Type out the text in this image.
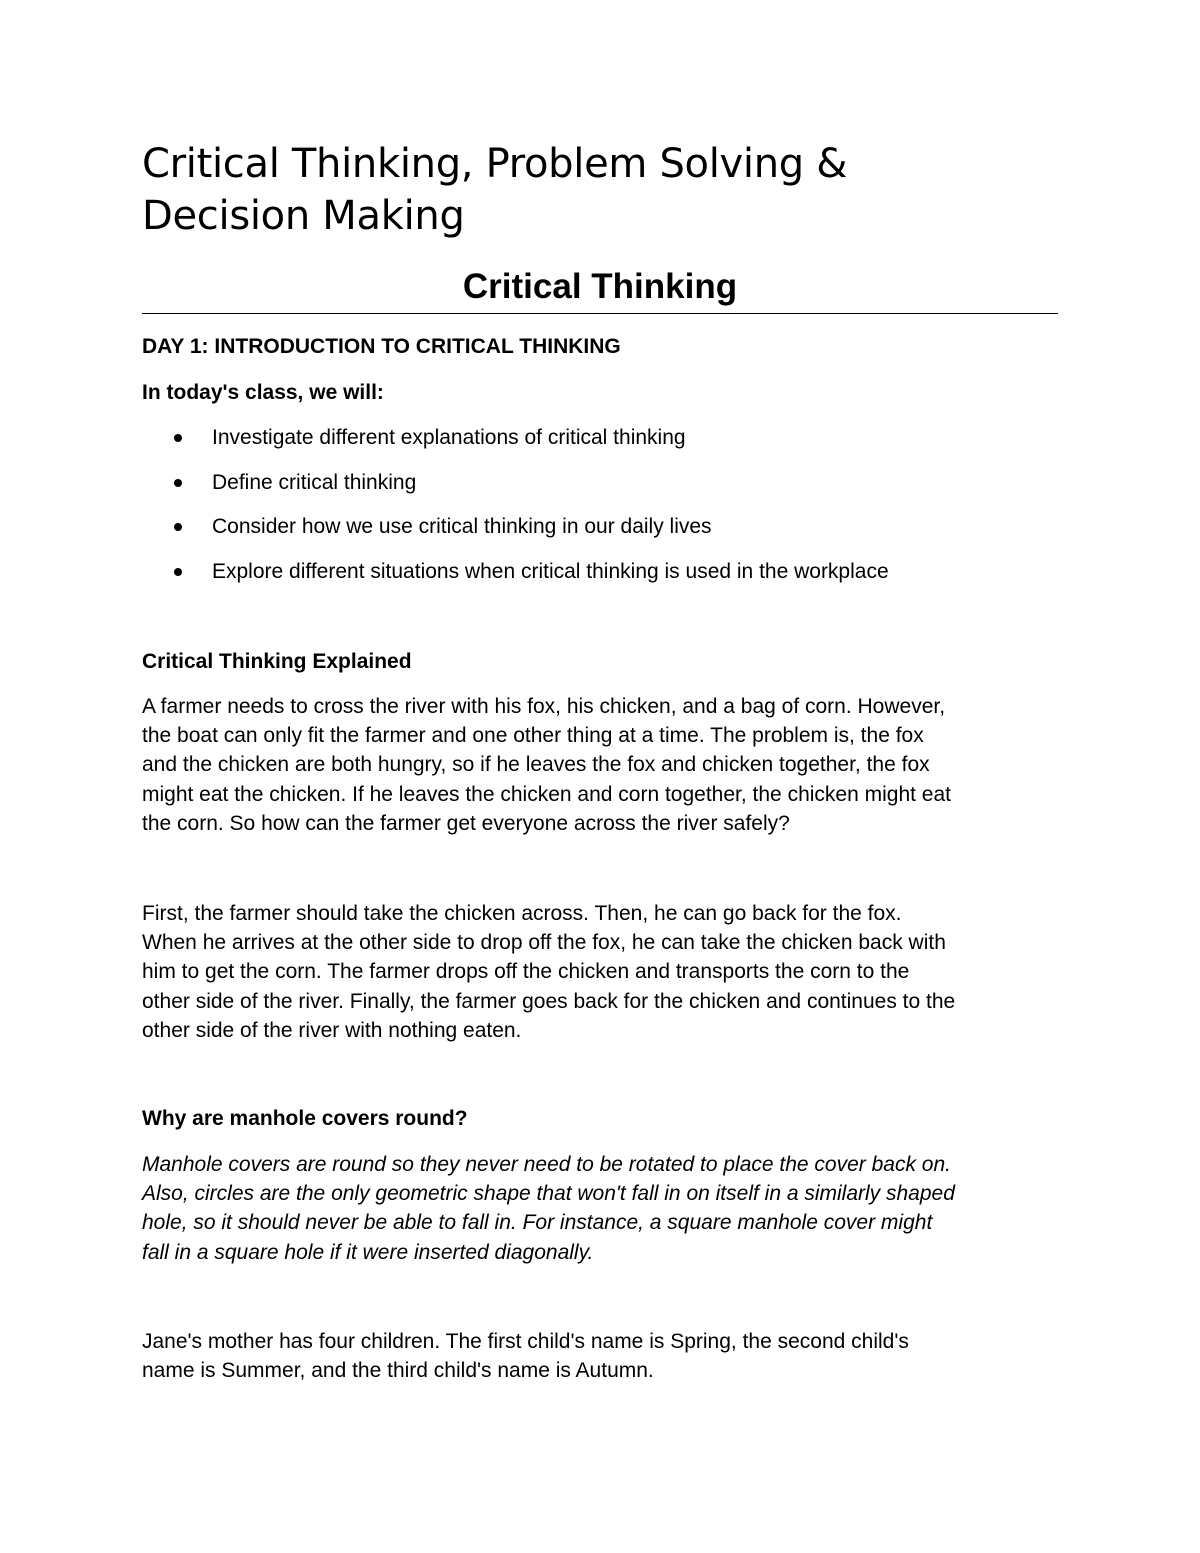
Critical Thinking, Problem Solving &
Decision Making
Critical Thinking

DAY 1: INTRODUCTION TO CRITICAL THINKING

In today's class, we will:

Investigate different explanations of critical thinking
Define critical thinking
Consider how we use critical thinking in our daily lives
Explore different situations when critical thinking is used in the workplace

Critical Thinking Explained

A farmer needs to cross the river with his fox, his chicken, and a bag of corn. However,
the boat can only fit the farmer and one other thing at a time. The problem is, the fox
and the chicken are both hungry, so if he leaves the fox and chicken together, the fox
might eat the chicken. If he leaves the chicken and corn together, the chicken might eat
the corn. So how can the farmer get everyone across the river safely?

First, the farmer should take the chicken across. Then, he can go back for the fox.
When he arrives at the other side to drop off the fox, he can take the chicken back with
him to get the corn. The farmer drops off the chicken and transports the corn to the
other side of the river. Finally, the farmer goes back for the chicken and continues to the
other side of the river with nothing eaten.

Why are manhole covers round?

Manhole covers are round so they never need to be rotated to place the cover back on.
Also, circles are the only geometric shape that won't fall in on itself in a similarly shaped
hole, so it should never be able to fall in. For instance, a square manhole cover might
fall in a square hole if it were inserted diagonally.

Jane's mother has four children. The first child's name is Spring, the second child's
name is Summer, and the third child's name is Autumn.
